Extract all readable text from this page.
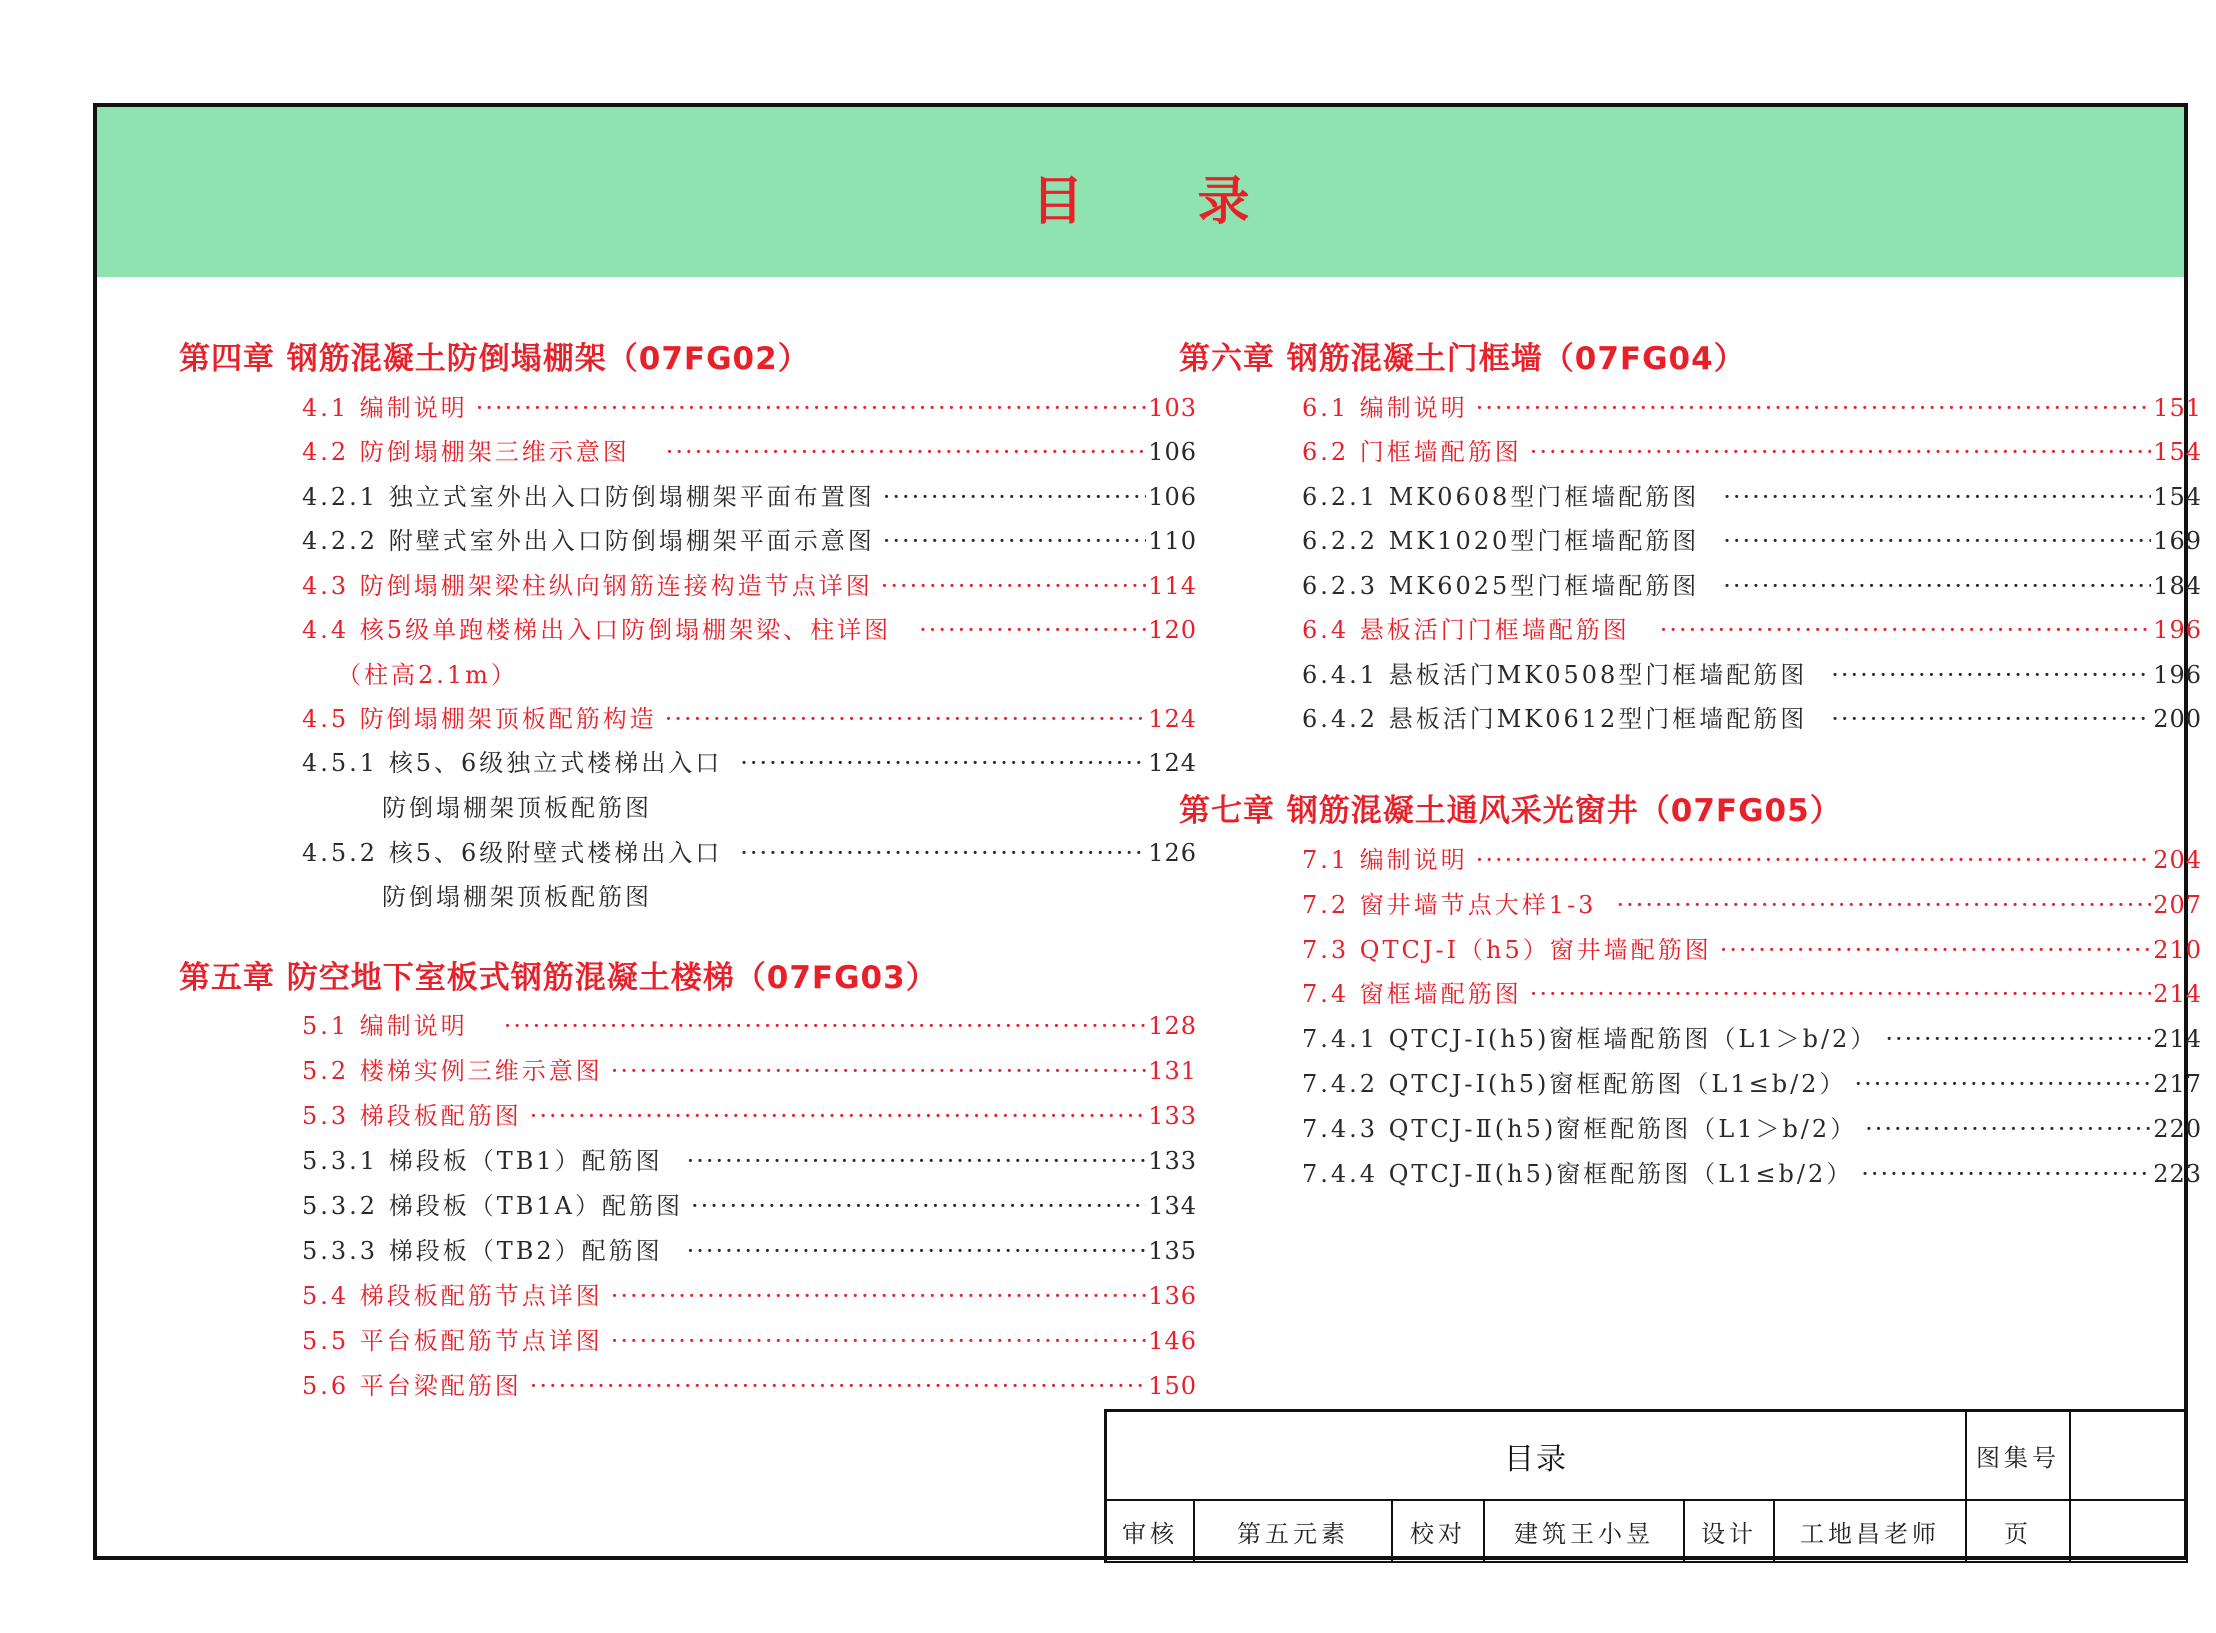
目 录
第四章 钢筋混凝土防倒塌棚架（07FG02）
4.1 编制说明 ·····	103
4.2 防倒塌棚架三维示意图 ·····	106
4.2.1 独立式室外出入口防倒塌棚架平面布置图 ·····	106
4.2.2 附壁式室外出入口防倒塌棚架平面示意图 ·····	110
4.3 防倒塌棚架梁柱纵向钢筋连接构造节点详图 ·····	114
4.4 核5级单跑楼梯出入口防倒塌棚架梁、柱详图 ·····	120
（柱高2.1m）
4.5 防倒塌棚架顶板配筋构造 ·····	124
4.5.1 核5、6级独立式楼梯出入口 ·····	124
防倒塌棚架顶板配筋图
4.5.2 核5、6级附壁式楼梯出入口 ·····	126
防倒塌棚架顶板配筋图
第五章 防空地下室板式钢筋混凝土楼梯（07FG03）
5.1 编制说明 ·····	128
5.2 楼梯实例三维示意图 ·····	131
5.3 梯段板配筋图 ·····	133
5.3.1 梯段板（TB1）配筋图 ·····	133
5.3.2 梯段板（TB1A）配筋图 ·····	134
5.3.3 梯段板（TB2）配筋图 ·····	135
5.4 梯段板配筋节点详图 ·····	136
5.5 平台板配筋节点详图 ·····	146
5.6 平台梁配筋图 ·····	150
第六章 钢筋混凝土门框墙（07FG04）
6.1 编制说明 ·····	151
6.2 门框墙配筋图 ·····	154
6.2.1 MK0608型门框墙配筋图 ·····	154
6.2.2 MK1020型门框墙配筋图 ·····	169
6.2.3 MK6025型门框墙配筋图 ·····	184
6.4 悬板活门门框墙配筋图 ·····	196
6.4.1 悬板活门MK0508型门框墙配筋图 ·····	196
6.4.2 悬板活门MK0612型门框墙配筋图 ·····	200
第七章 钢筋混凝土通风采光窗井（07FG05）
7.1 编制说明 ·····	204
7.2 窗井墙节点大样1-3 ·····	207
7.3 QTCJ-Ⅰ（h5）窗井墙配筋图 ·····	210
7.4 窗框墙配筋图 ·····	214
7.4.1 QTCJ-Ⅰ(h5)窗框墙配筋图（L1＞b/2） ·····	214
7.4.2 QTCJ-Ⅰ(h5)窗框配筋图（L1≤b/2） ·····	217
7.4.3 QTCJ-Ⅱ(h5)窗框配筋图（L1＞b/2） ·····	220
7.4.4 QTCJ-Ⅱ(h5)窗框配筋图（L1≤b/2） ·····	223
目录	图集号
审核	第五元素	校对	建筑王小昱	设计	工地昌老师	页
